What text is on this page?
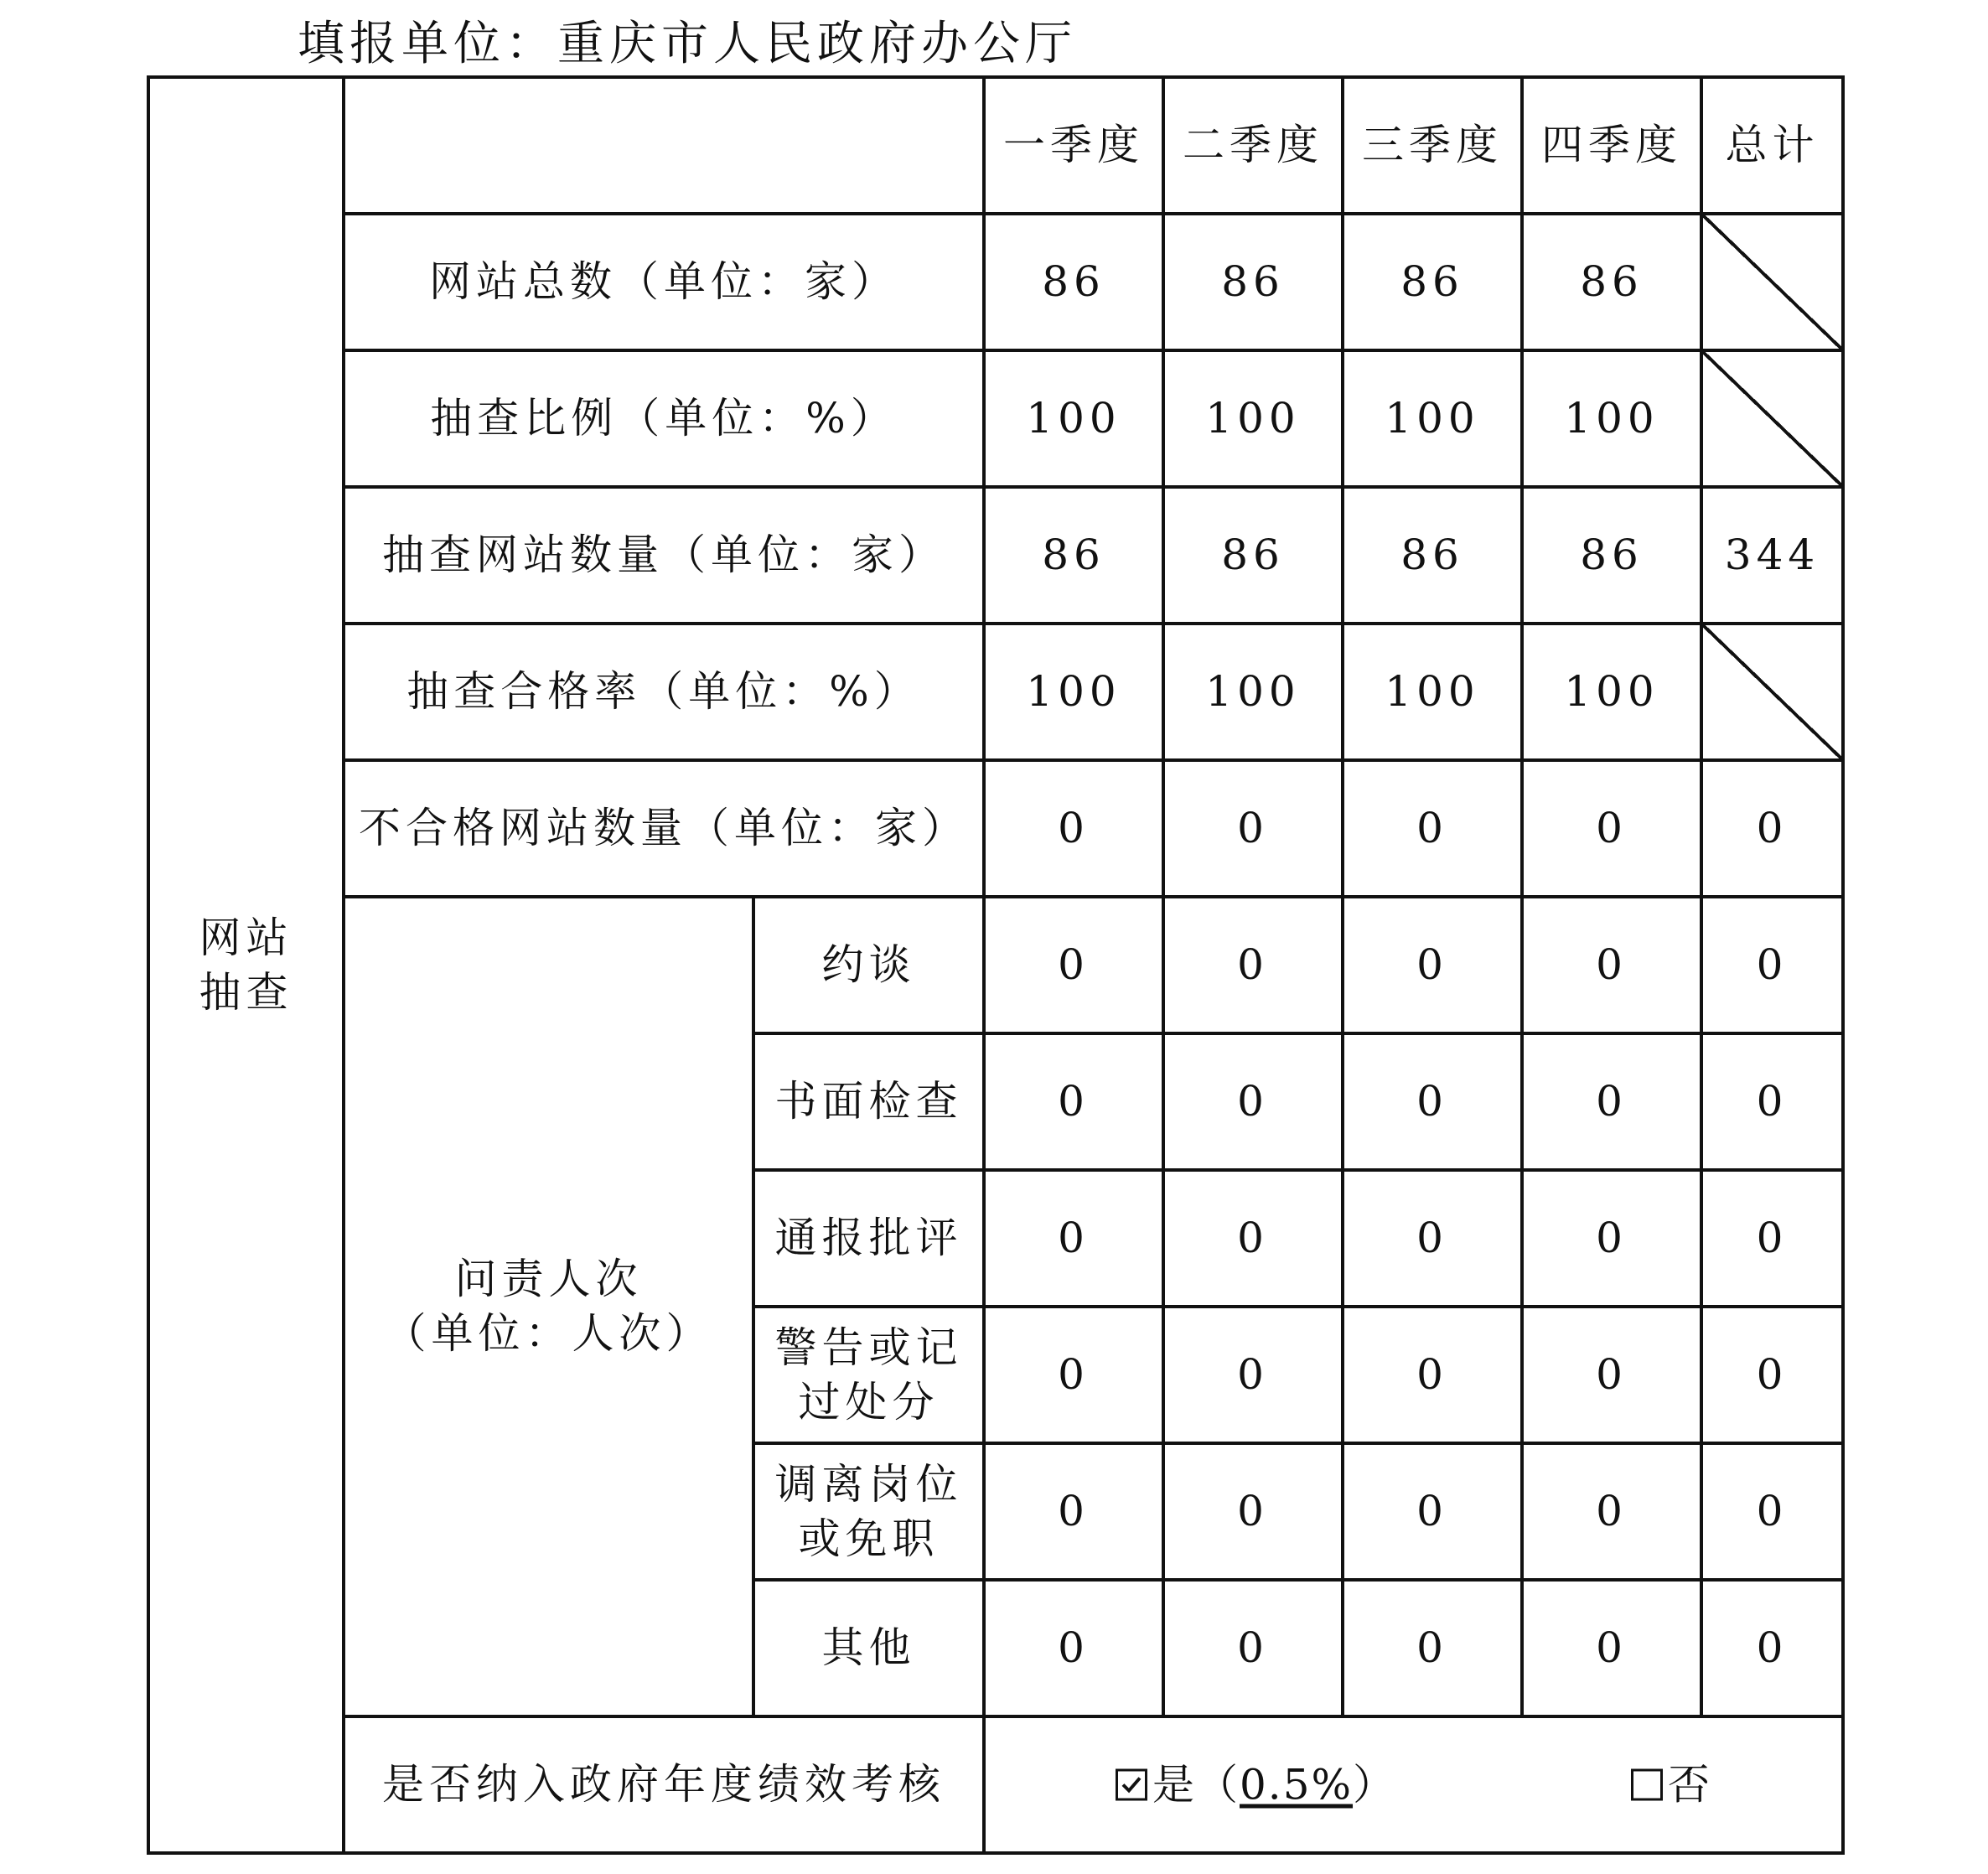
填报单位：重庆市人民政府办公厅
网站
抽查			一季度	二季度	三季度	四季度	总计
	网站总数（单位：家）		86	86	86	86	
	抽查比例（单位：%）		100	100	100	100	
	抽查网站数量（单位：家）		86	86	86	86	344
	抽查合格率（单位：%）		100	100	100	100	
	不合格网站数量（单位：家）		0	0	0	0	0
	问责人次
（单位：人次）	约谈	0	0	0	0	0
		书面检查	0	0	0	0	0
		通报批评	0	0	0	0	0
		警告或记
过处分	0	0	0	0	0
		调离岗位
或免职	0	0	0	0	0
		其他	0	0	0	0	0
	是否纳入政府年度绩效考核		是（ 0.5% ） 否				
